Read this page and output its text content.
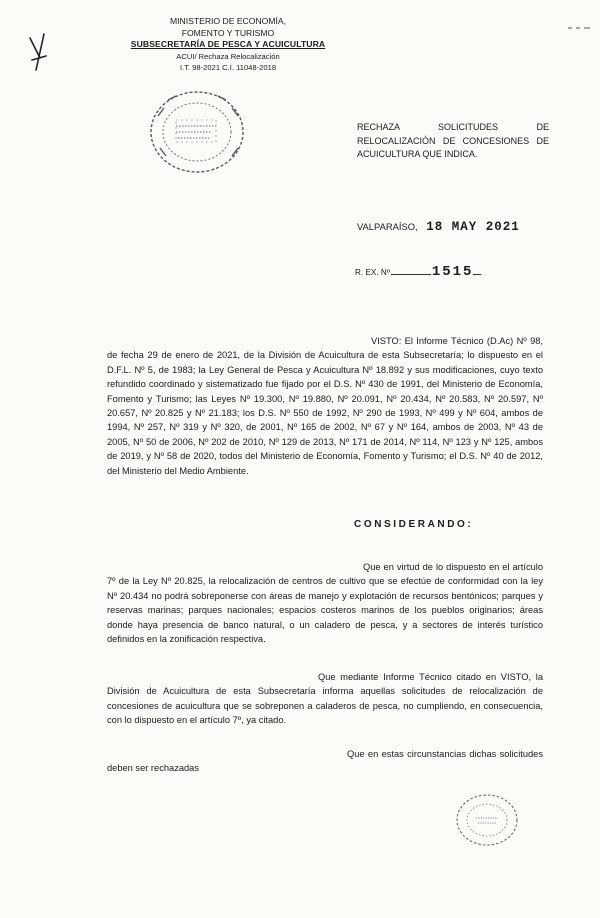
MINISTERIO DE ECONOMÍA,
FOMENTO Y TURISMO
SUBSECRETARÍA DE PESCA Y ACUICULTURA
ACUI/ Rechaza Relocalización
I.T. 98-2021 C.I. 11048-2018
RECHAZA SOLICITUDES DE
RELOCALIZACIÓN DE CONCESIONES DE
ACUICULTURA QUE INDICA.
VALPARAÍSO, 18 MAY 2021
R. EX. Nº	1515
VISTO: El Informe Técnico (D.Ac) Nº 98, de fecha 29 de enero de 2021, de la División de Acuicultura de esta Subsecretaría; lo dispuesto en el D.F.L. Nº 5, de 1983; la Ley General de Pesca y Acuicultura Nº 18.892 y sus modificaciones, cuyo texto refundido coordinado y sistematizado fue fijado por el D.S. Nº 430 de 1991, del Ministerio de Economía, Fomento y Turismo; las Leyes Nº 19.300, Nº 19.880, Nº 20.091, Nº 20.434, Nº 20.583, Nº 20.597, Nº 20.657, Nº 20.825 y Nº 21.183; los D.S. Nº 550 de 1992, Nº 290 de 1993, Nº 499 y Nº 604, ambos de 1994, Nº 257, Nº 319 y Nº 320, de 2001, Nº 165 de 2002, Nº 67 y Nº 164, ambos de 2003, Nº 43 de 2005, Nº 50 de 2006, Nº 202 de 2010, Nº 129 de 2013, Nº 171 de 2014, Nº 114, Nº 123 y Nº 125, ambos de 2019, y Nº 58 de 2020, todos del Ministerio de Economía, Fomento y Turismo; el D.S. Nº 40 de 2012, del Ministerio del Medio Ambiente.
CONSIDERANDO:
Que en virtud de lo dispuesto en el artículo 7º de la Ley Nº 20.825, la relocalización de centros de cultivo que se efectúe de conformidad con la ley Nº 20.434 no podrá sobreponerse con áreas de manejo y explotación de recursos bentónicos; parques y reservas marinas; parques nacionales; espacios costeros marinos de los pueblos originarios; áreas donde haya presencia de banco natural, o un caladero de pesca, y a sectores de interés turístico definidos en la zonificación respectiva.
Que mediante Informe Técnico citado en VISTO, la División de Acuicultura de esta Subsecretaría informa aquellas solicitudes de relocalización de concesiones de acuicultura que se sobreponen a caladeros de pesca, no cumpliendo, en consecuencia, con lo dispuesto en el artículo 7º, ya citado.
Que en estas circunstancias dichas solicitudes deben ser rechazadas
